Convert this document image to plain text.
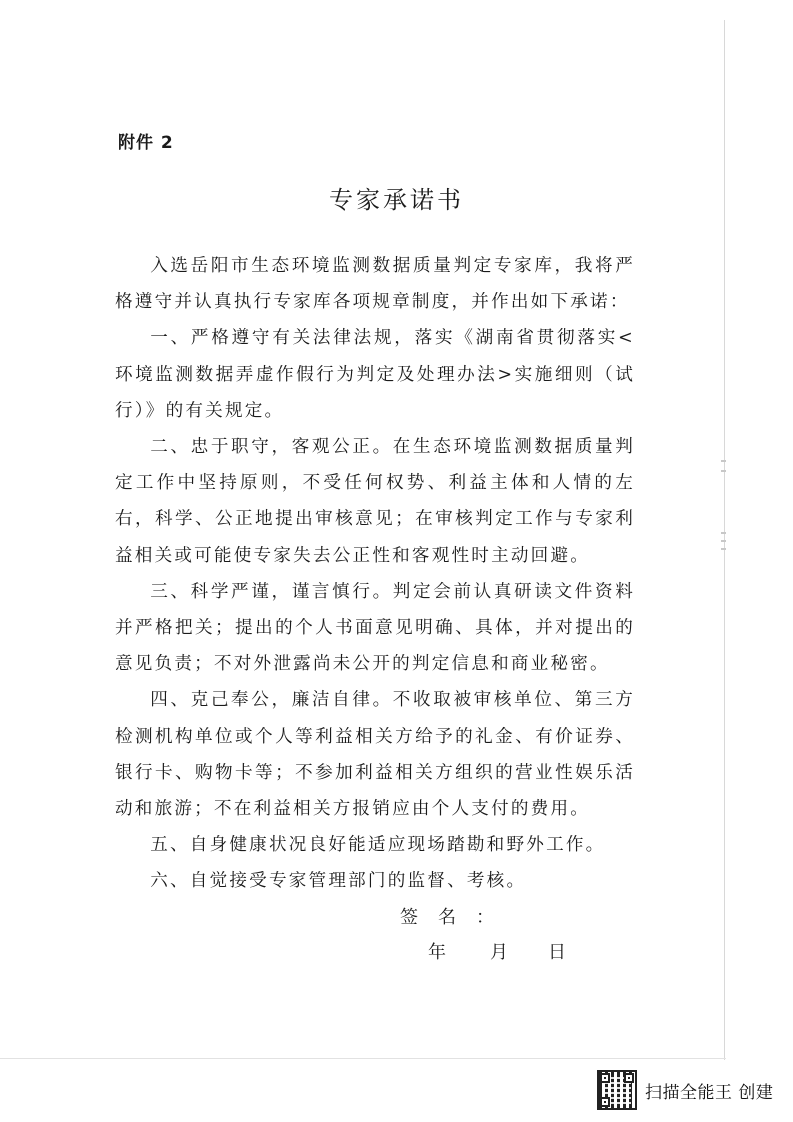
附件 2
专家承诺书

入选岳阳市生态环境监测数据质量判定专家库，我将严格遵守并认真执行专家库各项规章制度，并作出如下承诺：

一、严格遵守有关法律法规，落实《湖南省贯彻落实<环境监测数据弄虚作假行为判定及处理办法>实施细则（试行）》的有关规定。

二、忠于职守，客观公正。在生态环境监测数据质量判定工作中坚持原则，不受任何权势、利益主体和人情的左右，科学、公正地提出审核意见；在审核判定工作与专家利益相关或可能使专家失去公正性和客观性时主动回避。

三、科学严谨，谨言慎行。判定会前认真研读文件资料并严格把关；提出的个人书面意见明确、具体，并对提出的意见负责；不对外泄露尚未公开的判定信息和商业秘密。

四、克己奉公，廉洁自律。不收取被审核单位、第三方检测机构单位或个人等利益相关方给予的礼金、有价证券、银行卡、购物卡等；不参加利益相关方组织的营业性娱乐活动和旅游；不在利益相关方报销应由个人支付的费用。

五、自身健康状况良好能适应现场踏勘和野外工作。

六、自觉接受专家管理部门的监督、考核。

签名：
年 月 日
扫描全能王 创建
